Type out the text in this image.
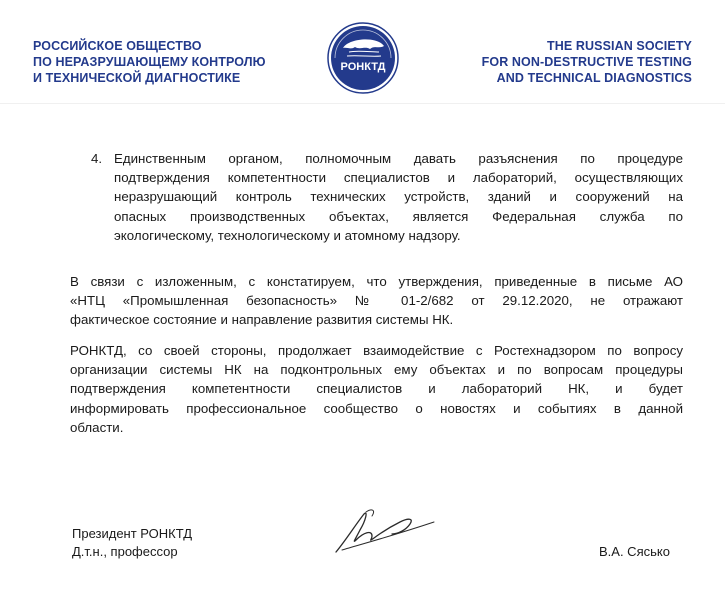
РОССИЙСКОЕ ОБЩЕСТВО
ПО НЕРАЗРУШАЮЩЕМУ КОНТРОЛЮ
И ТЕХНИЧЕСКОЙ ДИАГНОСТИКЕ
РОНКТД
THE RUSSIAN SOCIETY
FOR NON-DESTRUCTIVE TESTING
AND TECHNICAL DIAGNOSTICS
4. Единственным органом, полномочным давать разъяснения по процедуре
подтверждения компетентности специалистов и лабораторий, осуществляющих
неразрушающий контроль технических устройств, зданий и сооружений на
опасных производственных объектах, является Федеральная служба по
экологическому, технологическому и атомному надзору.
В связи с изложенным, с констатируем, что утверждения, приведенные в письме АО
«НТЦ «Промышленная безопасность» № 01-2/682 от 29.12.2020, не отражают
фактическое состояние и направление развития системы НК.
РОНКТД, со своей стороны, продолжает взаимодействие с Ростехнадзором по вопросу
организации системы НК на подконтрольных ему объектах и по вопросам процедуры
подтверждения компетентности специалистов и лабораторий НК, и будет
информировать профессиональное сообщество о новостях и событиях в данной
области.
Президент РОНКТД
Д.т.н., профессор	В.А. Сясько
